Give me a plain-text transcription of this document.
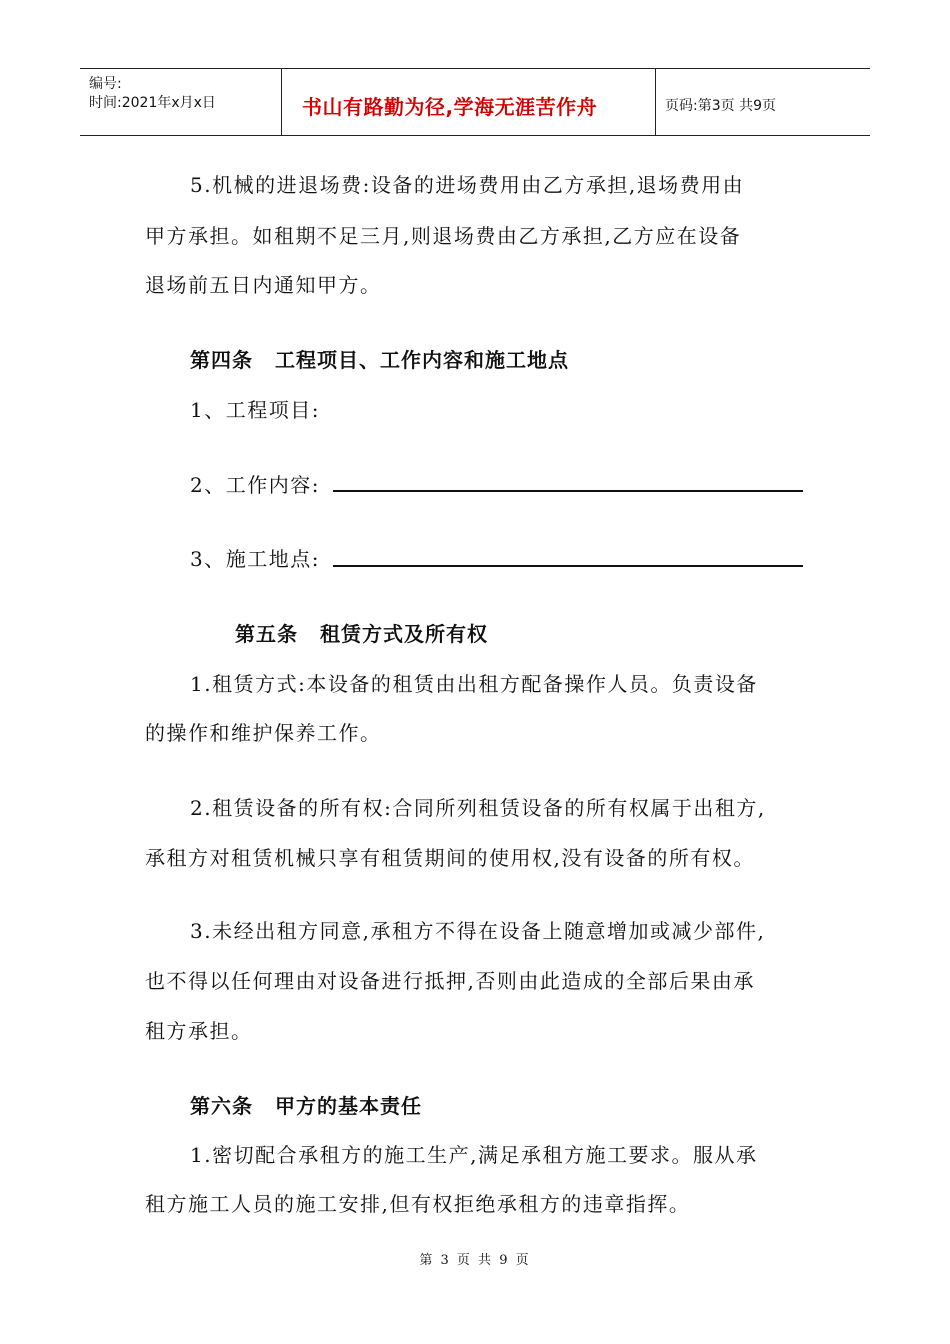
编号:
时间:2021年x月x日	书山有路勤为径,学海无涯苦作舟	页码:第3页 共9页
5.机械的进退场费:设备的进场费用由乙方承担,退场费用由
甲方承担。如租期不足三月,则退场费由乙方承担,乙方应在设备
退场前五日内通知甲方。
第四条 工程项目、工作内容和施工地点
1、工程项目:
2、工作内容:
3、施工地点:
第五条 租赁方式及所有权
1.租赁方式:本设备的租赁由出租方配备操作人员。负责设备
的操作和维护保养工作。
2.租赁设备的所有权:合同所列租赁设备的所有权属于出租方,
承租方对租赁机械只享有租赁期间的使用权,没有设备的所有权。
3.未经出租方同意,承租方不得在设备上随意增加或减少部件,
也不得以任何理由对设备进行抵押,否则由此造成的全部后果由承
租方承担。
第六条 甲方的基本责任
1.密切配合承租方的施工生产,满足承租方施工要求。服从承
租方施工人员的施工安排,但有权拒绝承租方的违章指挥。
第 3 页 共 9 页
